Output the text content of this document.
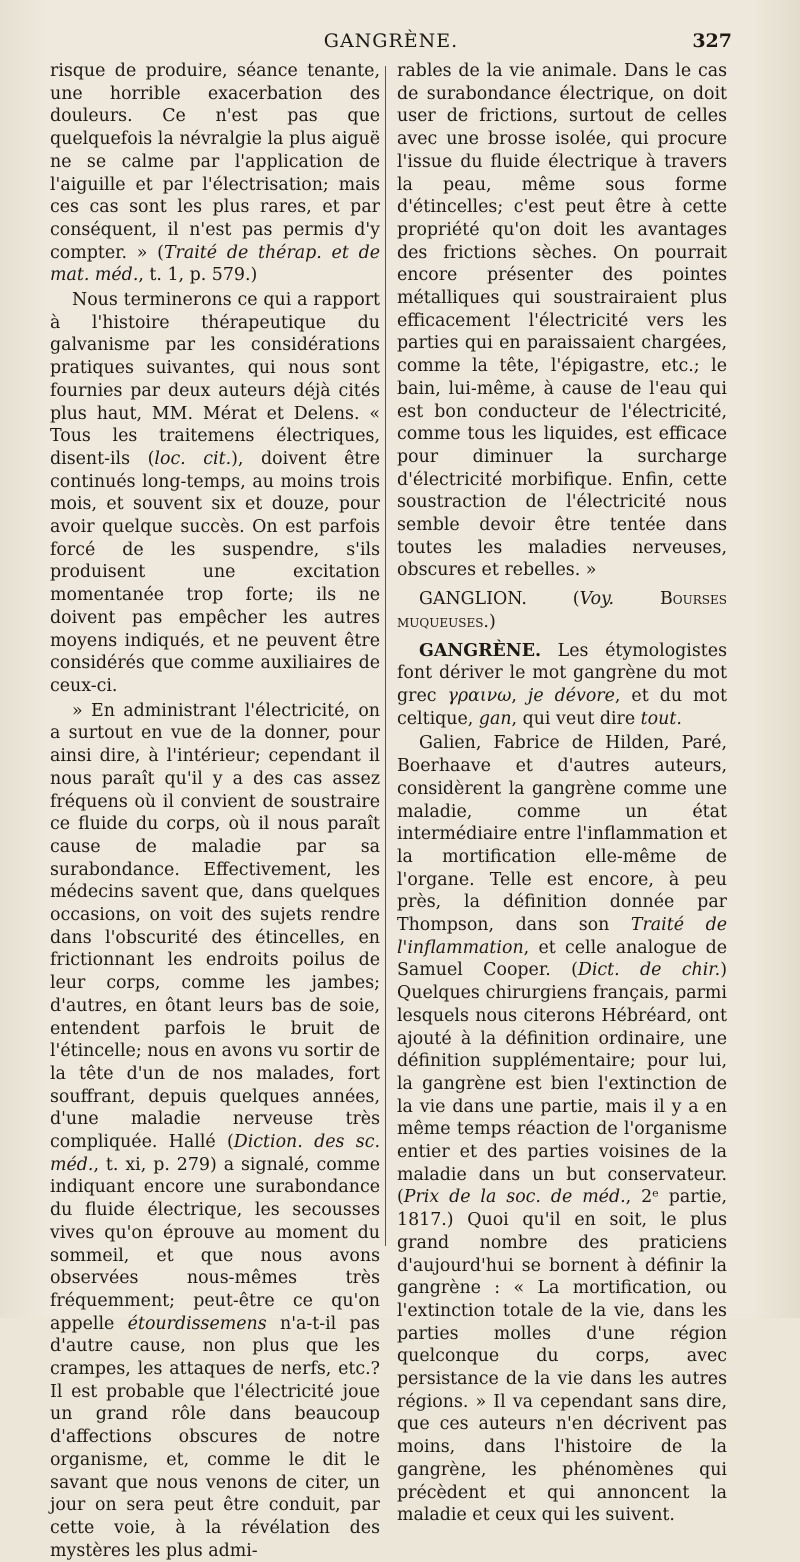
GANGRÈNE.	327

risque de produire, séance tenante, une horrible exacerbation des douleurs. Ce n'est pas que quelquefois la névralgie la plus aiguë ne se calme par l'application de l'aiguille et par l'électrisation; mais ces cas sont les plus rares, et par conséquent, il n'est pas permis d'y compter. » (Traité de thérap. et de mat. méd., t. 1, p. 579.)

Nous terminerons ce qui a rapport à l'histoire thérapeutique du galvanisme par les considérations pratiques suivantes, qui nous sont fournies par deux auteurs déjà cités plus haut, MM. Mérat et Delens. « Tous les traitemens électriques, disent-ils (loc. cit.), doivent être continués long-temps, au moins trois mois, et souvent six et douze, pour avoir quelque succès. On est parfois forcé de les suspendre, s'ils produisent une excitation momentanée trop forte; ils ne doivent pas empêcher les autres moyens indiqués, et ne peuvent être considérés que comme auxiliaires de ceux-ci.

» En administrant l'électricité, on a surtout en vue de la donner, pour ainsi dire, à l'intérieur; cependant il nous paraît qu'il y a des cas assez fréquens où il convient de soustraire ce fluide du corps, où il nous paraît cause de maladie par sa surabondance. Effectivement, les médecins savent que, dans quelques occasions, on voit des sujets rendre dans l'obscurité des étincelles, en frictionnant les endroits poilus de leur corps, comme les jambes; d'autres, en ôtant leurs bas de soie, entendent parfois le bruit de l'étincelle; nous en avons vu sortir de la tête d'un de nos malades, fort souffrant, depuis quelques années, d'une maladie nerveuse très compliquée. Hallé (Diction. des sc. méd., t. xi, p. 279) a signalé, comme indiquant encore une surabondance du fluide électrique, les secousses vives qu'on éprouve au moment du sommeil, et que nous avons observées nous-mêmes très fréquemment; peut-être ce qu'on appelle étourdissemens n'a-t-il pas d'autre cause, non plus que les crampes, les attaques de nerfs, etc.? Il est probable que l'électricité joue un grand rôle dans beaucoup d'affections obscures de notre organisme, et, comme le dit le savant que nous venons de citer, un jour on sera peut être conduit, par cette voie, à la révélation des mystères les plus admi-

rables de la vie animale. Dans le cas de surabondance électrique, on doit user de frictions, surtout de celles avec une brosse isolée, qui procure l'issue du fluide électrique à travers la peau, même sous forme d'étincelles; c'est peut être à cette propriété qu'on doit les avantages des frictions sèches. On pourrait encore présenter des pointes métalliques qui soustrairaient plus efficacement l'électricité vers les parties qui en paraissaient chargées, comme la tête, l'épigastre, etc.; le bain, lui-même, à cause de l'eau qui est bon conducteur de l'électricité, comme tous les liquides, est efficace pour diminuer la surcharge d'électricité morbifique. Enfin, cette soustraction de l'électricité nous semble devoir être tentée dans toutes les maladies nerveuses, obscures et rebelles. »

GANGLION. (Voy. Bourses muqueuses.)

GANGRÈNE. Les étymologistes font dériver le mot gangrène du mot grec γραινω, je dévore, et du mot celtique, gan, qui veut dire tout.

Galien, Fabrice de Hilden, Paré, Boerhaave et d'autres auteurs, considèrent la gangrène comme une maladie, comme un état intermédiaire entre l'inflammation et la mortification elle-même de l'organe. Telle est encore, à peu près, la définition donnée par Thompson, dans son Traité de l'inflammation, et celle analogue de Samuel Cooper. (Dict. de chir.) Quelques chirurgiens français, parmi lesquels nous citerons Hébréard, ont ajouté à la définition ordinaire, une définition supplémentaire; pour lui, la gangrène est bien l'extinction de la vie dans une partie, mais il y a en même temps réaction de l'organisme entier et des parties voisines de la maladie dans un but conservateur. (Prix de la soc. de méd., 2ᵉ partie, 1817.) Quoi qu'il en soit, le plus grand nombre des praticiens d'aujourd'hui se bornent à définir la gangrène : « La mortification, ou l'extinction totale de la vie, dans les parties molles d'une région quelconque du corps, avec persistance de la vie dans les autres régions. » Il va cependant sans dire, que ces auteurs n'en décrivent pas moins, dans l'histoire de la gangrène, les phénomènes qui précèdent et qui annoncent la maladie et ceux qui les suivent.
